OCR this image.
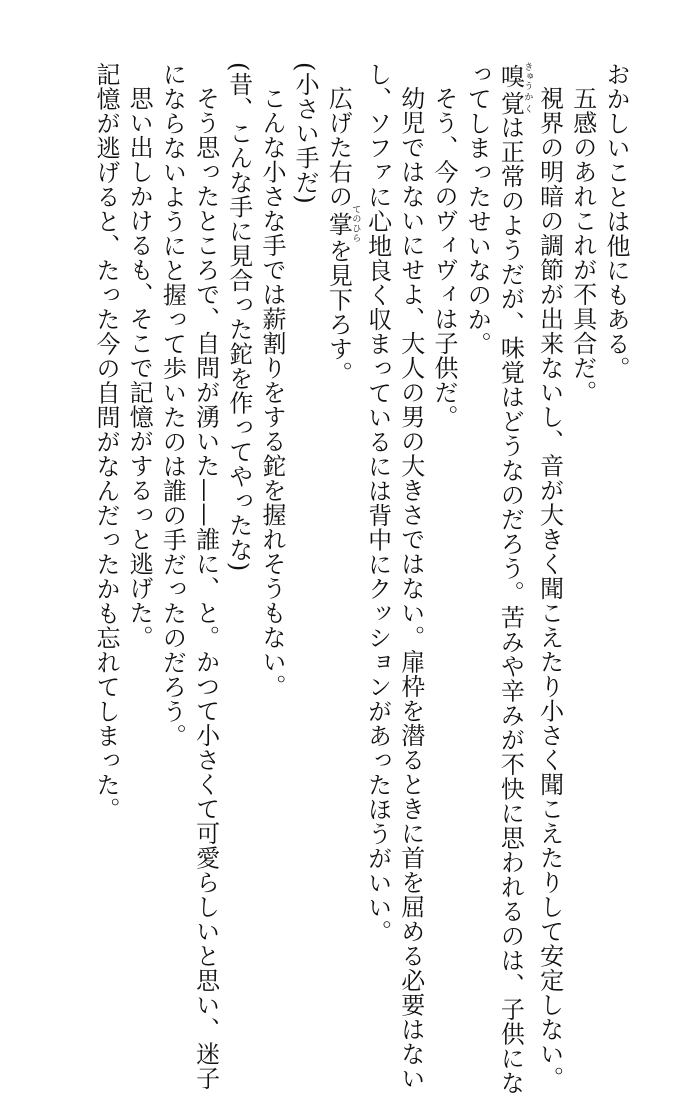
おかしいことは他にもある。

五感のあれこれが不具合だ。

視界の明暗の調節が出来ないし、音が大きく聞こえたり小さく聞こえたりして安定しない。

嗅きゅう覚かくは正常のようだが、味覚はどうなのだろう。苦みや辛みが不快に思われるのは、子供にな

ってしまったせいなのか。

そう、今のヴィヴィは子供だ。

幼児ではないにせよ、大人の男の大きさではない。扉枠を潜るときに首を屈める必要はない

し、ソファに心地良く収まっているには背中にクッションがあったほうがいい。

広げた右の掌てのひらを見下ろす。

(小さい手だ)

こんな小さな手では薪割りをする鉈を握れそうもない。

(昔、こんな手に見合った鉈を作ってやったな)

そう思ったところで、自問が湧いた——誰に、と。かつて小さくて可愛らしいと思い、迷子

にならないようにと握って歩いたのは誰の手だったのだろう。

思い出しかけるも、そこで記憶がするっと逃げた。

記憶が逃げると、たった今の自問がなんだったかも忘れてしまった。
